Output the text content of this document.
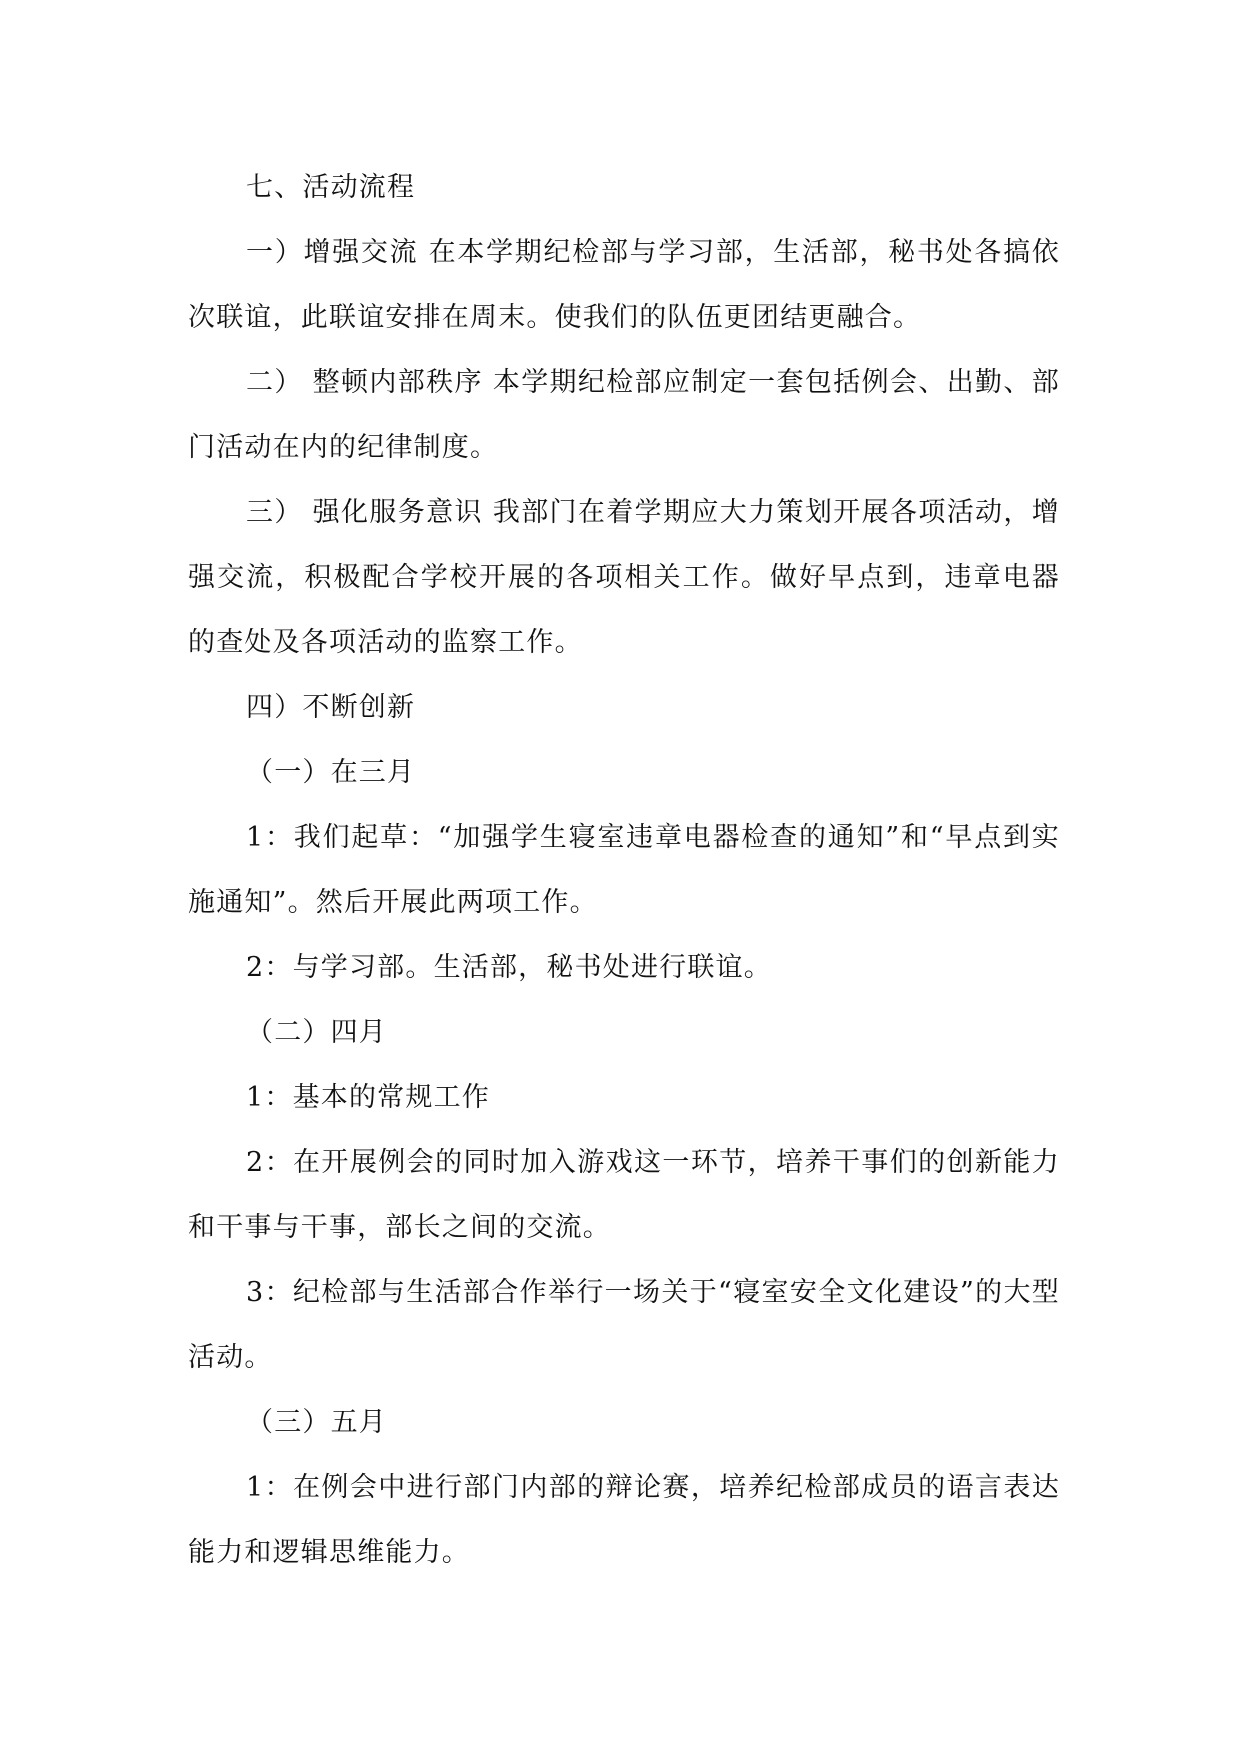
七、活动流程

一）增强交流 在本学期纪检部与学习部，生活部，秘书处各搞依次联谊，此联谊安排在周末。使我们的队伍更团结更融合。

二） 整顿内部秩序 本学期纪检部应制定一套包括例会、出勤、部门活动在内的纪律制度。

三） 强化服务意识 我部门在着学期应大力策划开展各项活动，增强交流，积极配合学校开展的各项相关工作。做好早点到，违章电器的查处及各项活动的监察工作。

四）不断创新

（一）在三月

1：我们起草：“加强学生寝室违章电器检查的通知”和“早点到实施通知”。然后开展此两项工作。

2：与学习部。生活部，秘书处进行联谊。

（二）四月

1：基本的常规工作

2：在开展例会的同时加入游戏这一环节，培养干事们的创新能力和干事与干事，部长之间的交流。

3：纪检部与生活部合作举行一场关于“寝室安全文化建设”的大型活动。

（三）五月

1：在例会中进行部门内部的辩论赛，培养纪检部成员的语言表达能力和逻辑思维能力。
